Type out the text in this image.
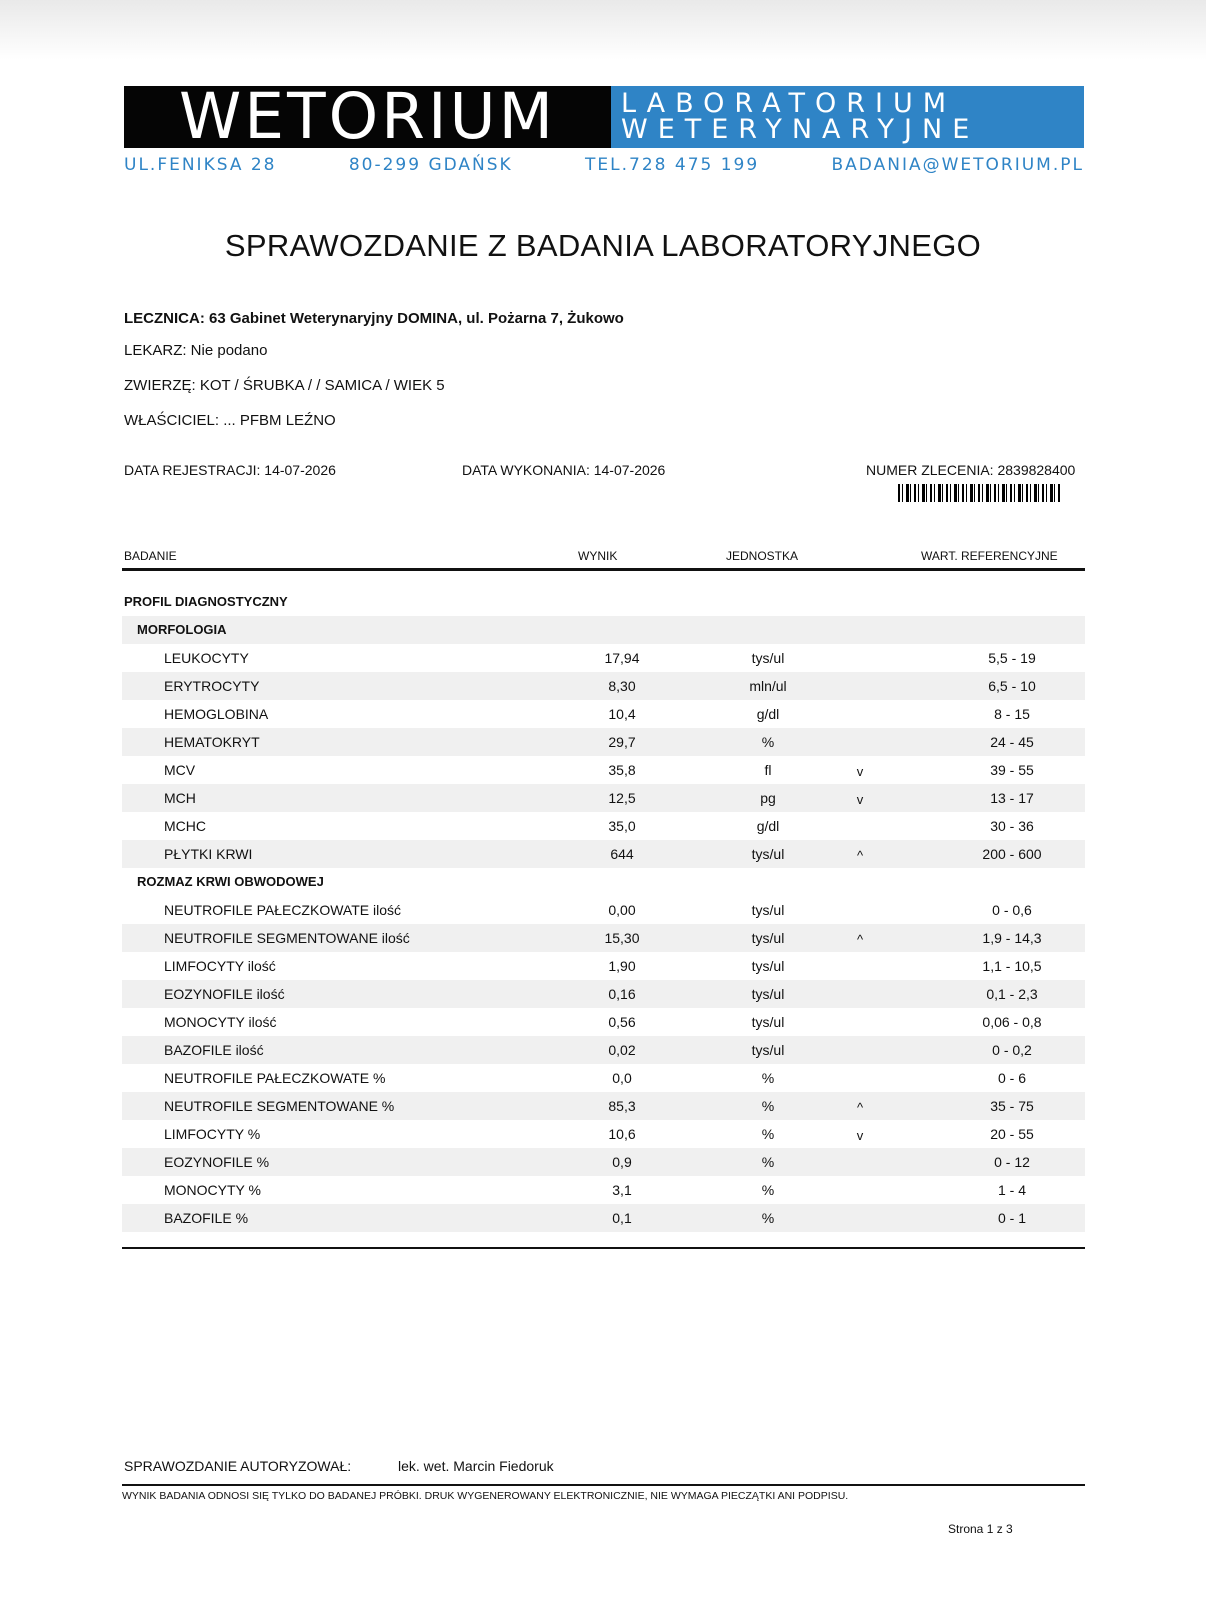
WETORIUM	LABORATORIUM
WETERYNARYJNE
UL.FENIKSA 28	80-299 GDAŃSK	TEL.728 475 199	BADANIA@WETORIUM.PL
SPRAWOZDANIE Z BADANIA LABORATORYJNEGO
LECZNICA: 63 Gabinet Weterynaryjny DOMINA, ul. Pożarna 7, Żukowo
LEKARZ: Nie podano
ZWIERZĘ: KOT / ŚRUBKA / / SAMICA / WIEK 5
WŁAŚCICIEL: ... PFBM LEŹNO
DATA REJESTRACJI: 14-07-2026	DATA WYKONANIA: 14-07-2026	NUMER ZLECENIA: 2839828400
BADANIE	WYNIK	JEDNOSTKA	WART. REFERENCYJNE
PROFIL DIAGNOSTYCZNY
MORFOLOGIA
LEUKOCYTY	17,94	tys/ul	5,5 - 19
ERYTROCYTY	8,30	mln/ul	6,5 - 10
HEMOGLOBINA	10,4	g/dl	8 - 15
HEMATOKRYT	29,7	%	24 - 45
MCV	35,8	fl	v	39 - 55
MCH	12,5	pg	v	13 - 17
MCHC	35,0	g/dl	30 - 36
PŁYTKI KRWI	644	tys/ul	^	200 - 600
ROZMAZ KRWI OBWODOWEJ
NEUTROFILE PAŁECZKOWATE ilość	0,00	tys/ul	0 - 0,6
NEUTROFILE SEGMENTOWANE ilość	15,30	tys/ul	^	1,9 - 14,3
LIMFOCYTY ilość	1,90	tys/ul	1,1 - 10,5
EOZYNOFILE ilość	0,16	tys/ul	0,1 - 2,3
MONOCYTY ilość	0,56	tys/ul	0,06 - 0,8
BAZOFILE ilość	0,02	tys/ul	0 - 0,2
NEUTROFILE PAŁECZKOWATE %	0,0	%	0 - 6
NEUTROFILE SEGMENTOWANE %	85,3	%	^	35 - 75
LIMFOCYTY %	10,6	%	v	20 - 55
EOZYNOFILE %	0,9	%	0 - 12
MONOCYTY %	3,1	%	1 - 4
BAZOFILE %	0,1	%	0 - 1
SPRAWOZDANIE AUTORYZOWAŁ:	lek. wet. Marcin Fiedoruk
WYNIK BADANIA ODNOSI SIĘ TYLKO DO BADANEJ PRÓBKI. DRUK WYGENEROWANY ELEKTRONICZNIE, NIE WYMAGA PIECZĄTKI ANI PODPISU.
Strona 1 z 3
